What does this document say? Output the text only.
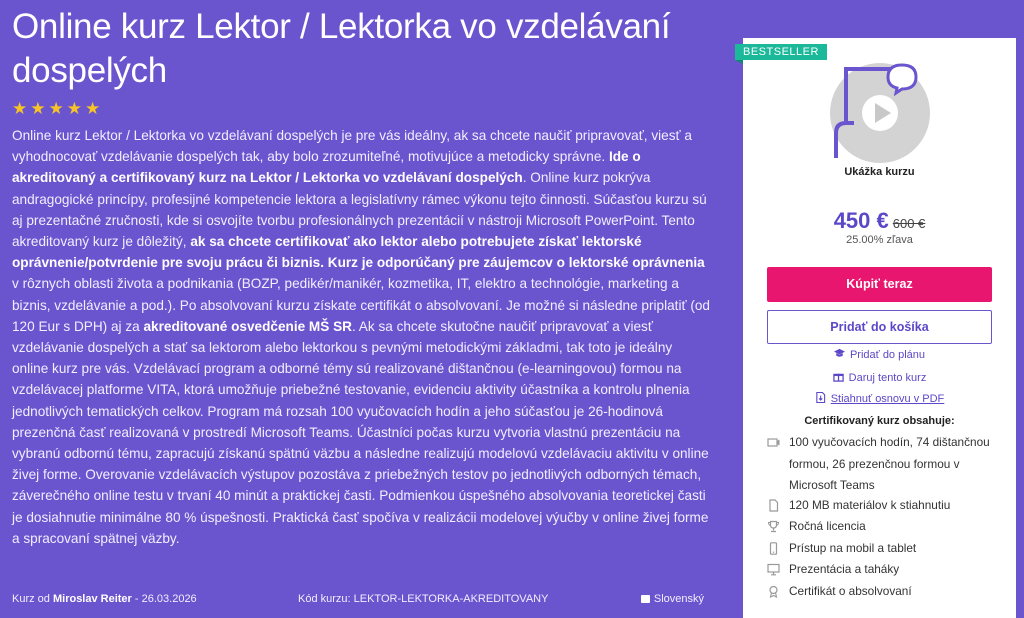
Online kurz Lektor / Lektorka vo vzdelávaní dospelých
★ ★ ★ ★ ★

Online kurz Lektor / Lektorka vo vzdelávaní dospelých je pre vás ideálny, ak sa chcete naučiť pripravovať, viesť a vyhodnocovať vzdelávanie dospelých tak, aby bolo zrozumiteľné, motivujúce a metodicky správne. Ide o akreditovaný a certifikovaný kurz na Lektor / Lektorka vo vzdelávaní dospelých. Online kurz pokrýva andragogické princípy, profesijné kompetencie lektora a legislatívny rámec výkonu tejto činnosti. Súčasťou kurzu sú aj prezentačné zručnosti, kde si osvojíte tvorbu profesionálnych prezentácií v nástroji Microsoft PowerPoint. Tento akreditovaný kurz je dôležitý, ak sa chcete certifikovať ako lektor alebo potrebujete získať lektorské oprávnenie/potvrdenie pre svoju prácu či biznis. Kurz je odporúčaný pre záujemcov o lektorské oprávnenia v rôznych oblasti života a podnikania (BOZP, pedikér/manikér, kozmetika, IT, elektro a technológie, marketing a biznis, vzdelávanie a pod.). Po absolvovaní kurzu získate certifikát o absolvovaní. Je možné si následne priplatiť (od 120 Eur s DPH) aj za akreditované osvedčenie MŠ SR. Ak sa chcete skutočne naučiť pripravovať a viesť vzdelávanie dospelých a stať sa lektorom alebo lektorkou s pevnými metodickými základmi, tak toto je ideálny online kurz pre vás. Vzdelávací program a odborné témy sú realizované dištančnou (e-learningovou) formou na vzdelávacej platforme VITA, ktorá umožňuje priebežné testovanie, evidenciu aktivity účastníka a kontrolu plnenia jednotlivých tematických celkov. Program má rozsah 100 vyučovacích hodín a jeho súčasťou je 26-hodinová prezenčná časť realizovaná v prostredí Microsoft Teams. Účastníci počas kurzu vytvoria vlastnú prezentáciu na vybranú odbornú tému, zapracujú získanú spätnú väzbu a následne realizujú modelovú vzdelávaciu aktivitu v online živej forme. Overovanie vzdelávacích výstupov pozostáva z priebežných testov po jednotlivých odborných témach, záverečného online testu v trvaní 40 minút a praktickej časti. Podmienkou úspešného absolvovania teoretickej časti je dosiahnutie minimálne 80 % úspešnosti. Praktická časť spočíva v realizácii modelovej výučby v online živej forme a spracovaní spätnej väzby.

Kurz od Miroslav Reiter - 26.03.2026	Kód kurzu: LEKTOR-LEKTORKA-AKREDITOVANY	Slovenský
BESTSELLER
Ukážka kurzu
450 € 600 €
25.00% zľava
Kúpiť teraz
Pridať do košíka
Pridať do plánu
Daruj tento kurz
Stiahnuť osnovu v PDF
Certifikovaný kurz obsahuje:
100 vyučovacích hodín, 74 dištančnou formou, 26 prezenčnou formou v Microsoft Teams
120 MB materiálov k stiahnutiu
Ročná licencia
Prístup na mobil a tablet
Prezentácia a taháky
Certifikát o absolvovaní
